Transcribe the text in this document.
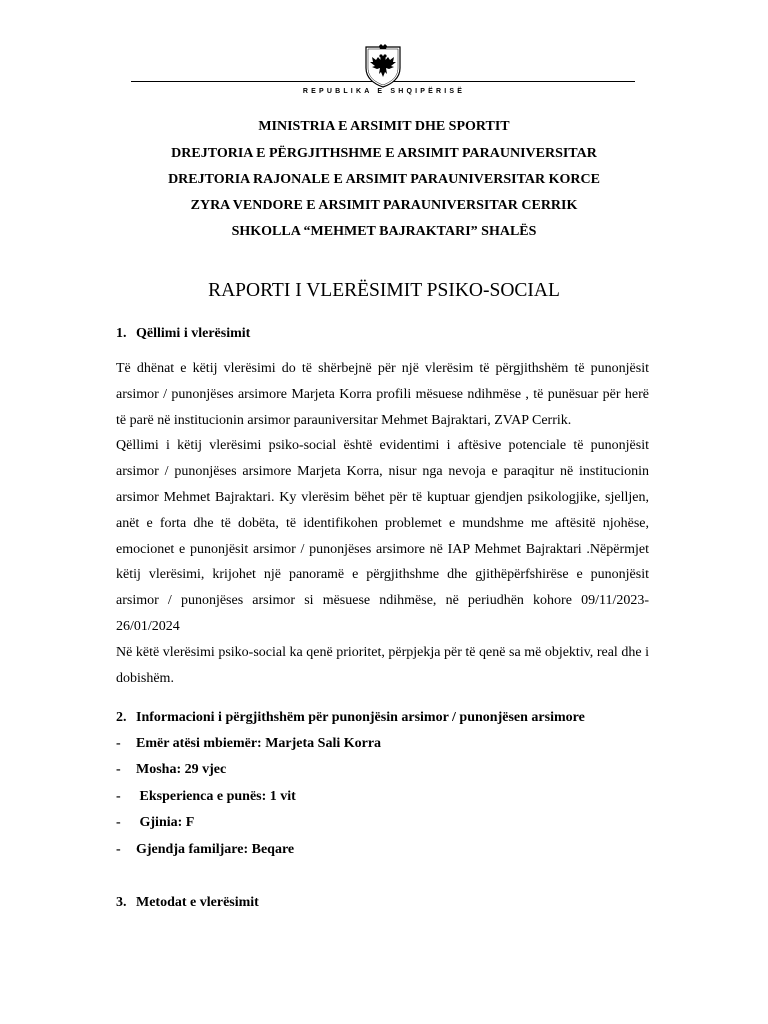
REPUBLIKA E SHQIPËRISË
MINISTRIA E ARSIMIT DHE SPORTIT
DREJTORIA E PËRGJITHSHME E ARSIMIT PARAUNIVERSITAR
DREJTORIA RAJONALE E ARSIMIT PARAUNIVERSITAR KORCE
ZYRA VENDORE E ARSIMIT PARAUNIVERSITAR CERRIK
SHKOLLA “MEHMET BAJRAKTARI” SHALËS
RAPORTI I VLERËSIMIT PSIKO-SOCIAL
1. Qëllimi i vlerësimit

Të dhënat e këtij vlerësimi do të shërbejnë për një vlerësim të përgjithshëm të punonjësit arsimor / punonjëses arsimore Marjeta Korra profili mësuese ndihmëse , të punësuar për herë të parë në institucionin arsimor parauniversitar Mehmet Bajraktari, ZVAP Cerrik.

Qëllimi i këtij vlerësimi psiko-social është evidentimi i aftësive potenciale të punonjësit arsimor / punonjëses arsimore Marjeta Korra, nisur nga nevoja e paraqitur në institucionin arsimor Mehmet Bajraktari. Ky vlerësim bëhet për të kuptuar gjendjen psikologjike, sjelljen, anët e forta dhe të dobëta, të identifikohen problemet e mundshme me aftësitë njohëse, emocionet e punonjësit arsimor / punonjëses arsimore në IAP Mehmet Bajraktari .Nëpërmjet këtij vlerësimi, krijohet një panoramë e përgjithshme dhe gjithëpërfshirëse e punonjësit arsimor / punonjëses arsimor si mësuese ndihmëse, në periudhën kohore 09/11/2023-26/01/2024

Në këtë vlerësimi psiko-social ka qenë prioritet, përpjekja për të qenë sa më objektiv, real dhe i dobishëm.

2. Informacioni i përgjithshëm për punonjësin arsimor / punonjësen arsimore
- Emër atësi mbiemër: Marjeta Sali Korra
- Mosha: 29 vjec
- Eksperienca e punës: 1 vit
- Gjinia: F
- Gjendja familjare: Beqare
3. Metodat e vlerësimit
